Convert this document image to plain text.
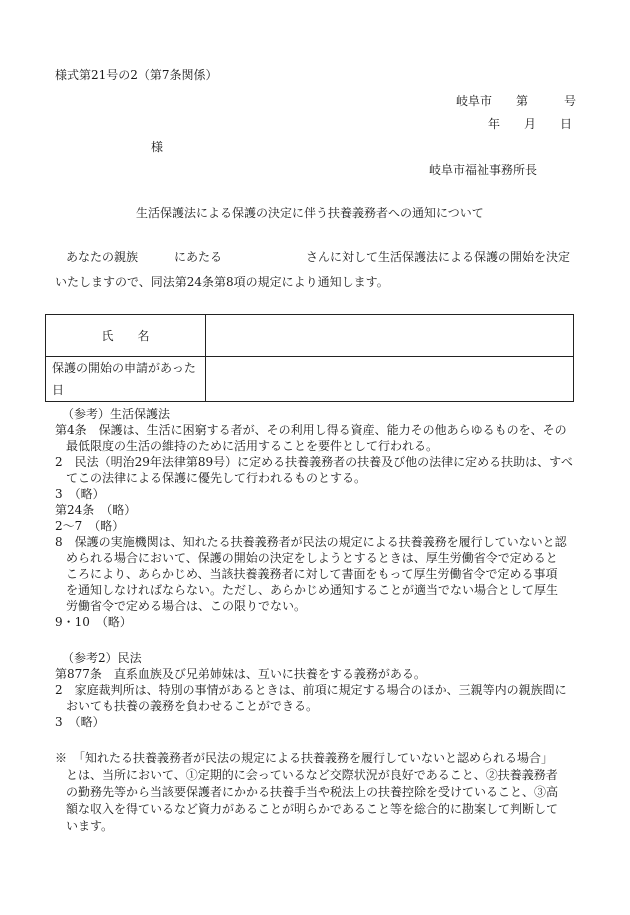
様式第21号の2（第7条関係）
岐阜市　　第　　　号
年　　月　　日
様
岐阜市福祉事務所長
生活保護法による保護の決定に伴う扶養義務者への通知について
あなたの親族　　　にあたる　　　　　　　さんに対して生活保護法による保護の開始を決定
いたしますので、同法第24条第8項の規定により通知します。
氏　　名	
保護の開始の申請があった日	
（参考）生活保護法
第4条　保護は、生活に困窮する者が、その利用し得る資産、能力その他あらゆるものを、その
最低限度の生活の維持のために活用することを要件として行われる。
2　民法（明治29年法律第89号）に定める扶養義務者の扶養及び他の法律に定める扶助は、すべ
てこの法律による保護に優先して行われるものとする。
3　（略）
第24条　（略）
2〜7　（略）
8　保護の実施機関は、知れたる扶養義務者が民法の規定による扶養義務を履行していないと認
められる場合において、保護の開始の決定をしようとするときは、厚生労働省令で定めると
ころにより、あらかじめ、当該扶養義務者に対して書面をもって厚生労働省令で定める事項
を通知しなければならない。ただし、あらかじめ通知することが適当でない場合として厚生
労働省令で定める場合は、この限りでない。
9・10　（略）
（参考2）民法
第877条　直系血族及び兄弟姉妹は、互いに扶養をする義務がある。
2　家庭裁判所は、特別の事情があるときは、前項に規定する場合のほか、三親等内の親族間に
おいても扶養の義務を負わせることができる。
3　（略）
※　「知れたる扶養義務者が民法の規定による扶養義務を履行していないと認められる場合」
とは、当所において、①定期的に会っているなど交際状況が良好であること、②扶養義務者
の勤務先等から当該要保護者にかかる扶養手当や税法上の扶養控除を受けていること、③高
額な収入を得ているなど資力があることが明らかであること等を総合的に勘案して判断して
います。
